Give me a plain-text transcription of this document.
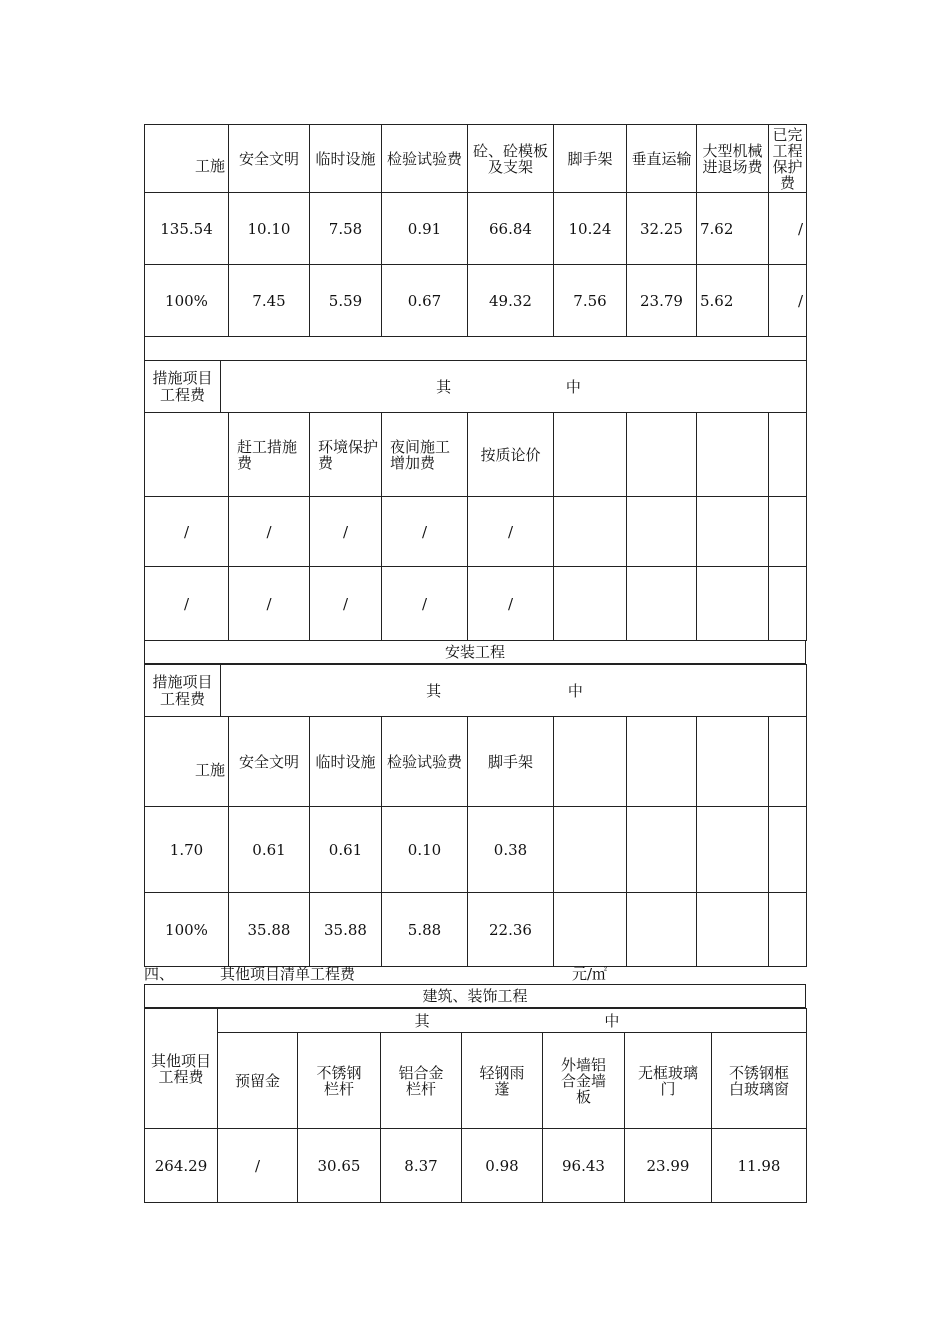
工施	安全文明	临时设施	检验试验费	砼、砼模板及支架	脚手架	垂直运输	大型机械进退场费	已完工程保护费
135.54	10.10	7.58	0.91	66.84	10.24	32.25	7.62	/
100%	7.45	5.59	0.67	49.32	7.56	23.79	5.62	/

措施项目工程费	其	中
	赶工措施费	环境保护费	夜间施工增加费	按质论价				
/	/	/	/	/				
/	/	/	/	/				
安装工程
措施项目工程费	其	中
工施	安全文明	临时设施	检验试验费	脚手架				
1.70	0.61	0.61	0.10	0.38				
100%	35.88	35.88	5.88	22.36				
四、	其他项目清单工程费	元/㎡
建筑、装饰工程
其他项目工程费	其 中						
	预留金	不锈钢栏杆	铝合金栏杆	轻钢雨蓬	外墙铝合金墙板	无框玻璃门	不锈钢框白玻璃窗
264.29	/	30.65	8.37	0.98	96.43	23.99	11.98
